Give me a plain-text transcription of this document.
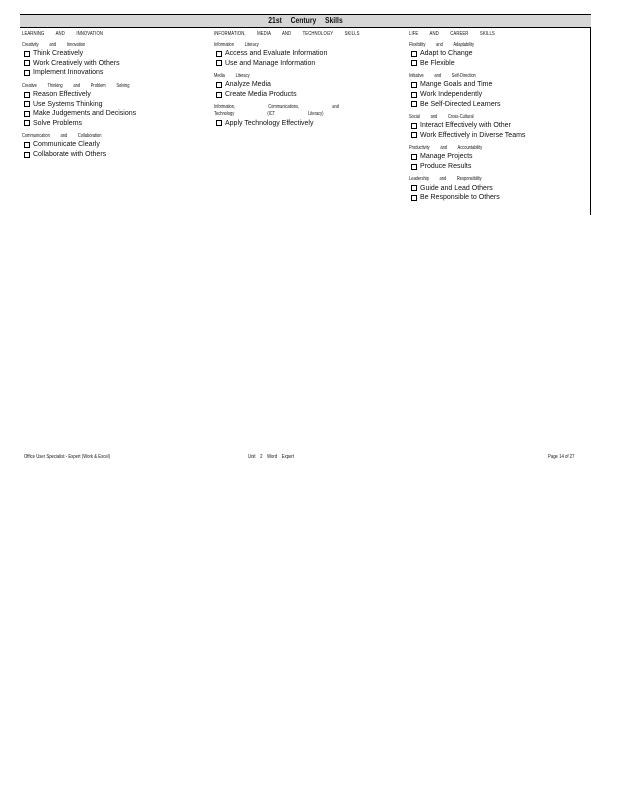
21st Century Skills
LEARNING AND INNOVATION
Creativity and Innovation
Think Creatively
Work Creatively with Others
Implement Innovations
Creative Thinking and Problem Solving
Reason Effectively
Use Systems Thinking
Make Judgements and Decisions
Solve Problems
Communication and Collaboration
Communicate Clearly
Collaborate with Others
INFORMATION, MEDIA AND TECHNOLOGY SKILLS
Information Literacy
Access and Evaluate Information
Use and Manage Information
Media Literacy
Analyze Media
Create Media Products
Information, Communications, and Technology (ICT Literacy)
Apply Technology Effectively
LIFE AND CAREER SKILLS
Flexibility and Adaptability
Adapt to Change
Be Flexible
Initiative and Self-Direction
Mange Goals and Time
Work Independently
Be Self-Directed Learners
Social and Cross-Cultural
Interact Effectively with Other
Work Effectively in Diverse Teams
Productivity and Accountability
Manage Projects
Produce Results
Leadership and Responsibility
Guide and Lead Others
Be Responsible to Others
Office User Specialist - Expert (Work & Excel)	Unit 2 Word Expert	Page 14 of 27
